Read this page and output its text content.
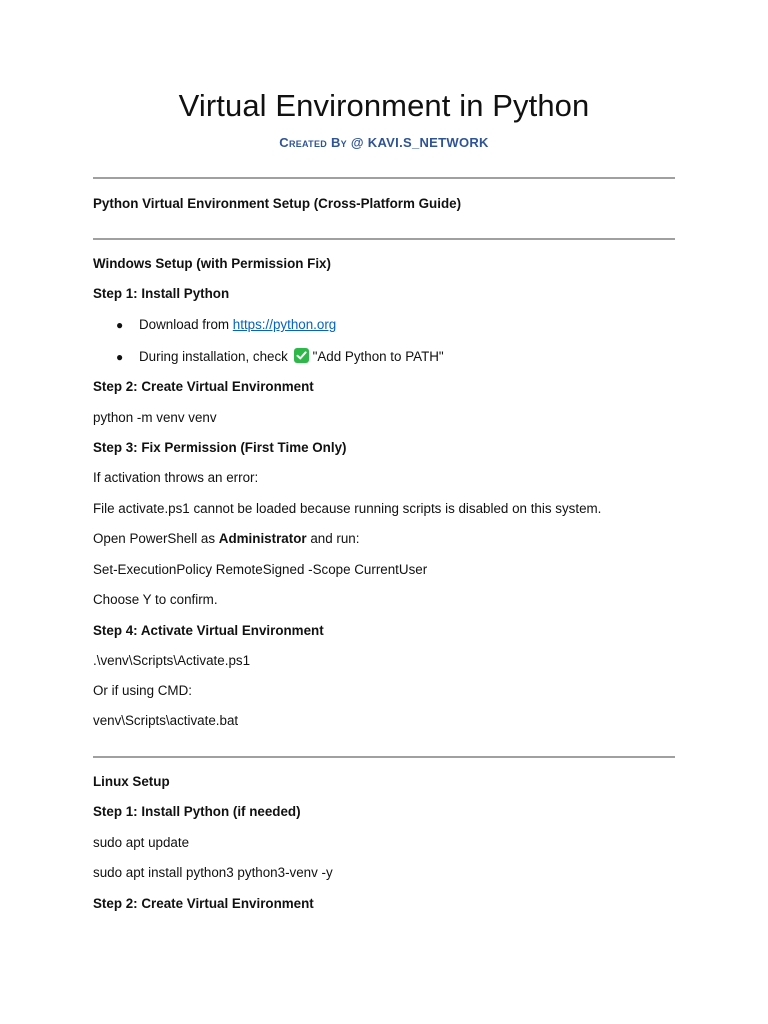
Virtual Environment in Python
Created By @ KAVI.S_NETWORK
Python Virtual Environment Setup (Cross-Platform Guide)
Windows Setup (with Permission Fix)
Step 1: Install Python
● Download from https://python.org
● During installation, check
"Add Python to PATH"
Step 2: Create Virtual Environment
python -m venv venv
Step 3: Fix Permission (First Time Only)
If activation throws an error:
File activate.ps1 cannot be loaded because running scripts is disabled on this system.
Open PowerShell as Administrator and run:
Set-ExecutionPolicy RemoteSigned -Scope CurrentUser
Choose Y to confirm.
Step 4: Activate Virtual Environment
.\venv\Scripts\Activate.ps1
Or if using CMD:
venv\Scripts\activate.bat
Linux Setup
Step 1: Install Python (if needed)
sudo apt update
sudo apt install python3 python3-venv -y
Step 2: Create Virtual Environment
